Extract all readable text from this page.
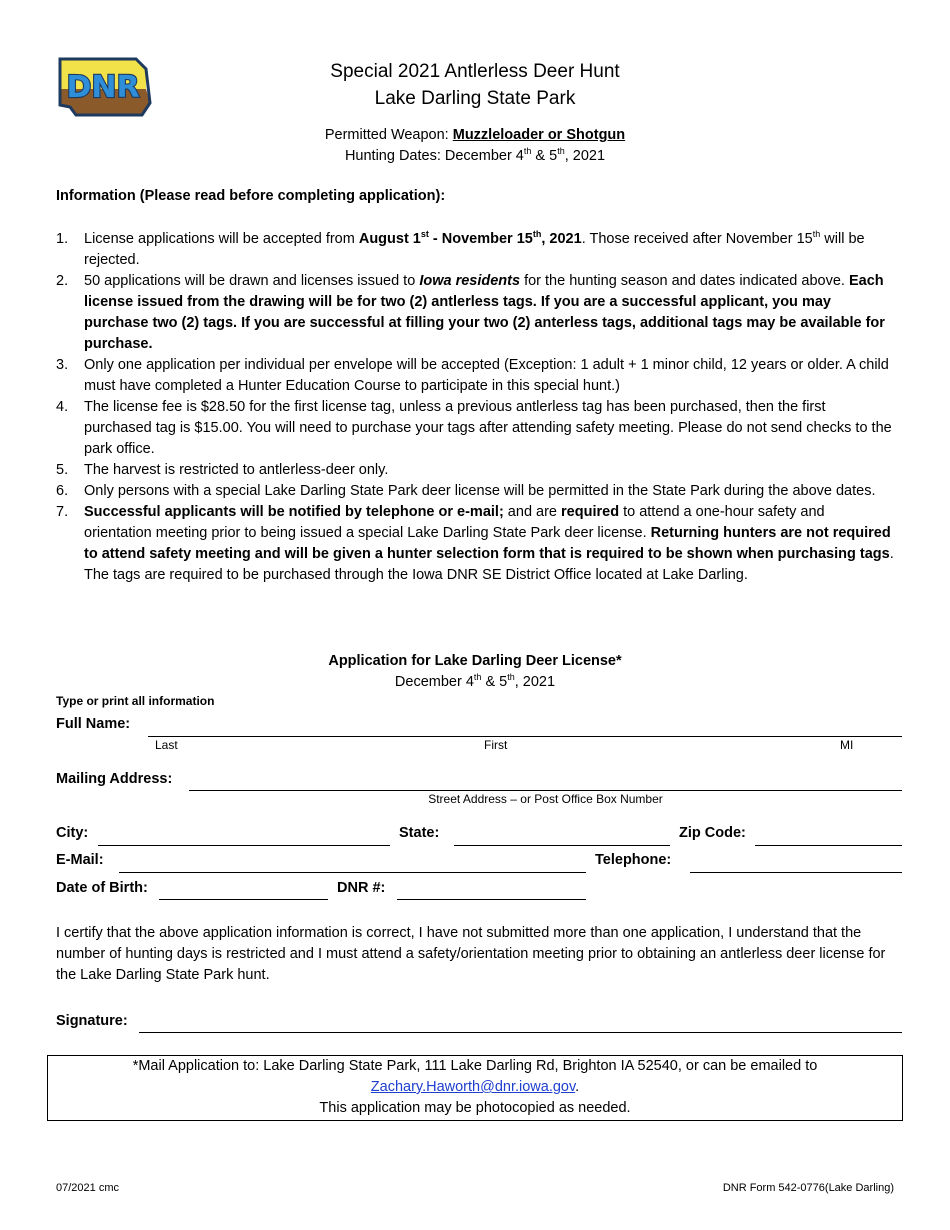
DNR	Special 2021 Antlerless Deer Hunt
Lake Darling State Park
Permitted Weapon: Muzzleloader or Shotgun
Hunting Dates: December 4th & 5th, 2021
Information (Please read before completing application):
1. License applications will be accepted from August 1st - November 15th, 2021. Those received after November 15th will be rejected.
2. 50 applications will be drawn and licenses issued to Iowa residents for the hunting season and dates indicated above. Each license issued from the drawing will be for two (2) antlerless tags. If you are a successful applicant, you may purchase two (2) tags. If you are successful at filling your two (2) anterless tags, additional tags may be available for purchase.
3. Only one application per individual per envelope will be accepted (Exception: 1 adult + 1 minor child, 12 years or older. A child must have completed a Hunter Education Course to participate in this special hunt.)
4. The license fee is $28.50 for the first license tag, unless a previous antlerless tag has been purchased, then the first purchased tag is $15.00. You will need to purchase your tags after attending safety meeting. Please do not send checks to the park office.
5. The harvest is restricted to antlerless-deer only.
6. Only persons with a special Lake Darling State Park deer license will be permitted in the State Park during the above dates.
7. Successful applicants will be notified by telephone or e-mail; and are required to attend a one-hour safety and orientation meeting prior to being issued a special Lake Darling State Park deer license. Returning hunters are not required to attend safety meeting and will be given a hunter selection form that is required to be shown when purchasing tags. The tags are required to be purchased through the Iowa DNR SE District Office located at Lake Darling.
Application for Lake Darling Deer License*
December 4th & 5th, 2021
Type or print all information
Full Name:
Last	First	MI
Mailing Address:
Street Address – or Post Office Box Number
City:	State:	Zip Code:
E-Mail:	Telephone:
Date of Birth:	DNR #:
I certify that the above application information is correct, I have not submitted more than one application, I understand that the number of hunting days is restricted and I must attend a safety/orientation meeting prior to obtaining an antlerless deer license for the Lake Darling State Park hunt.
Signature:
*Mail Application to: Lake Darling State Park, 111 Lake Darling Rd, Brighton IA 52540, or can be emailed to
Zachary.Haworth@dnr.iowa.gov.
This application may be photocopied as needed.
07/2021 cmc	DNR Form 542-0776(Lake Darling)
